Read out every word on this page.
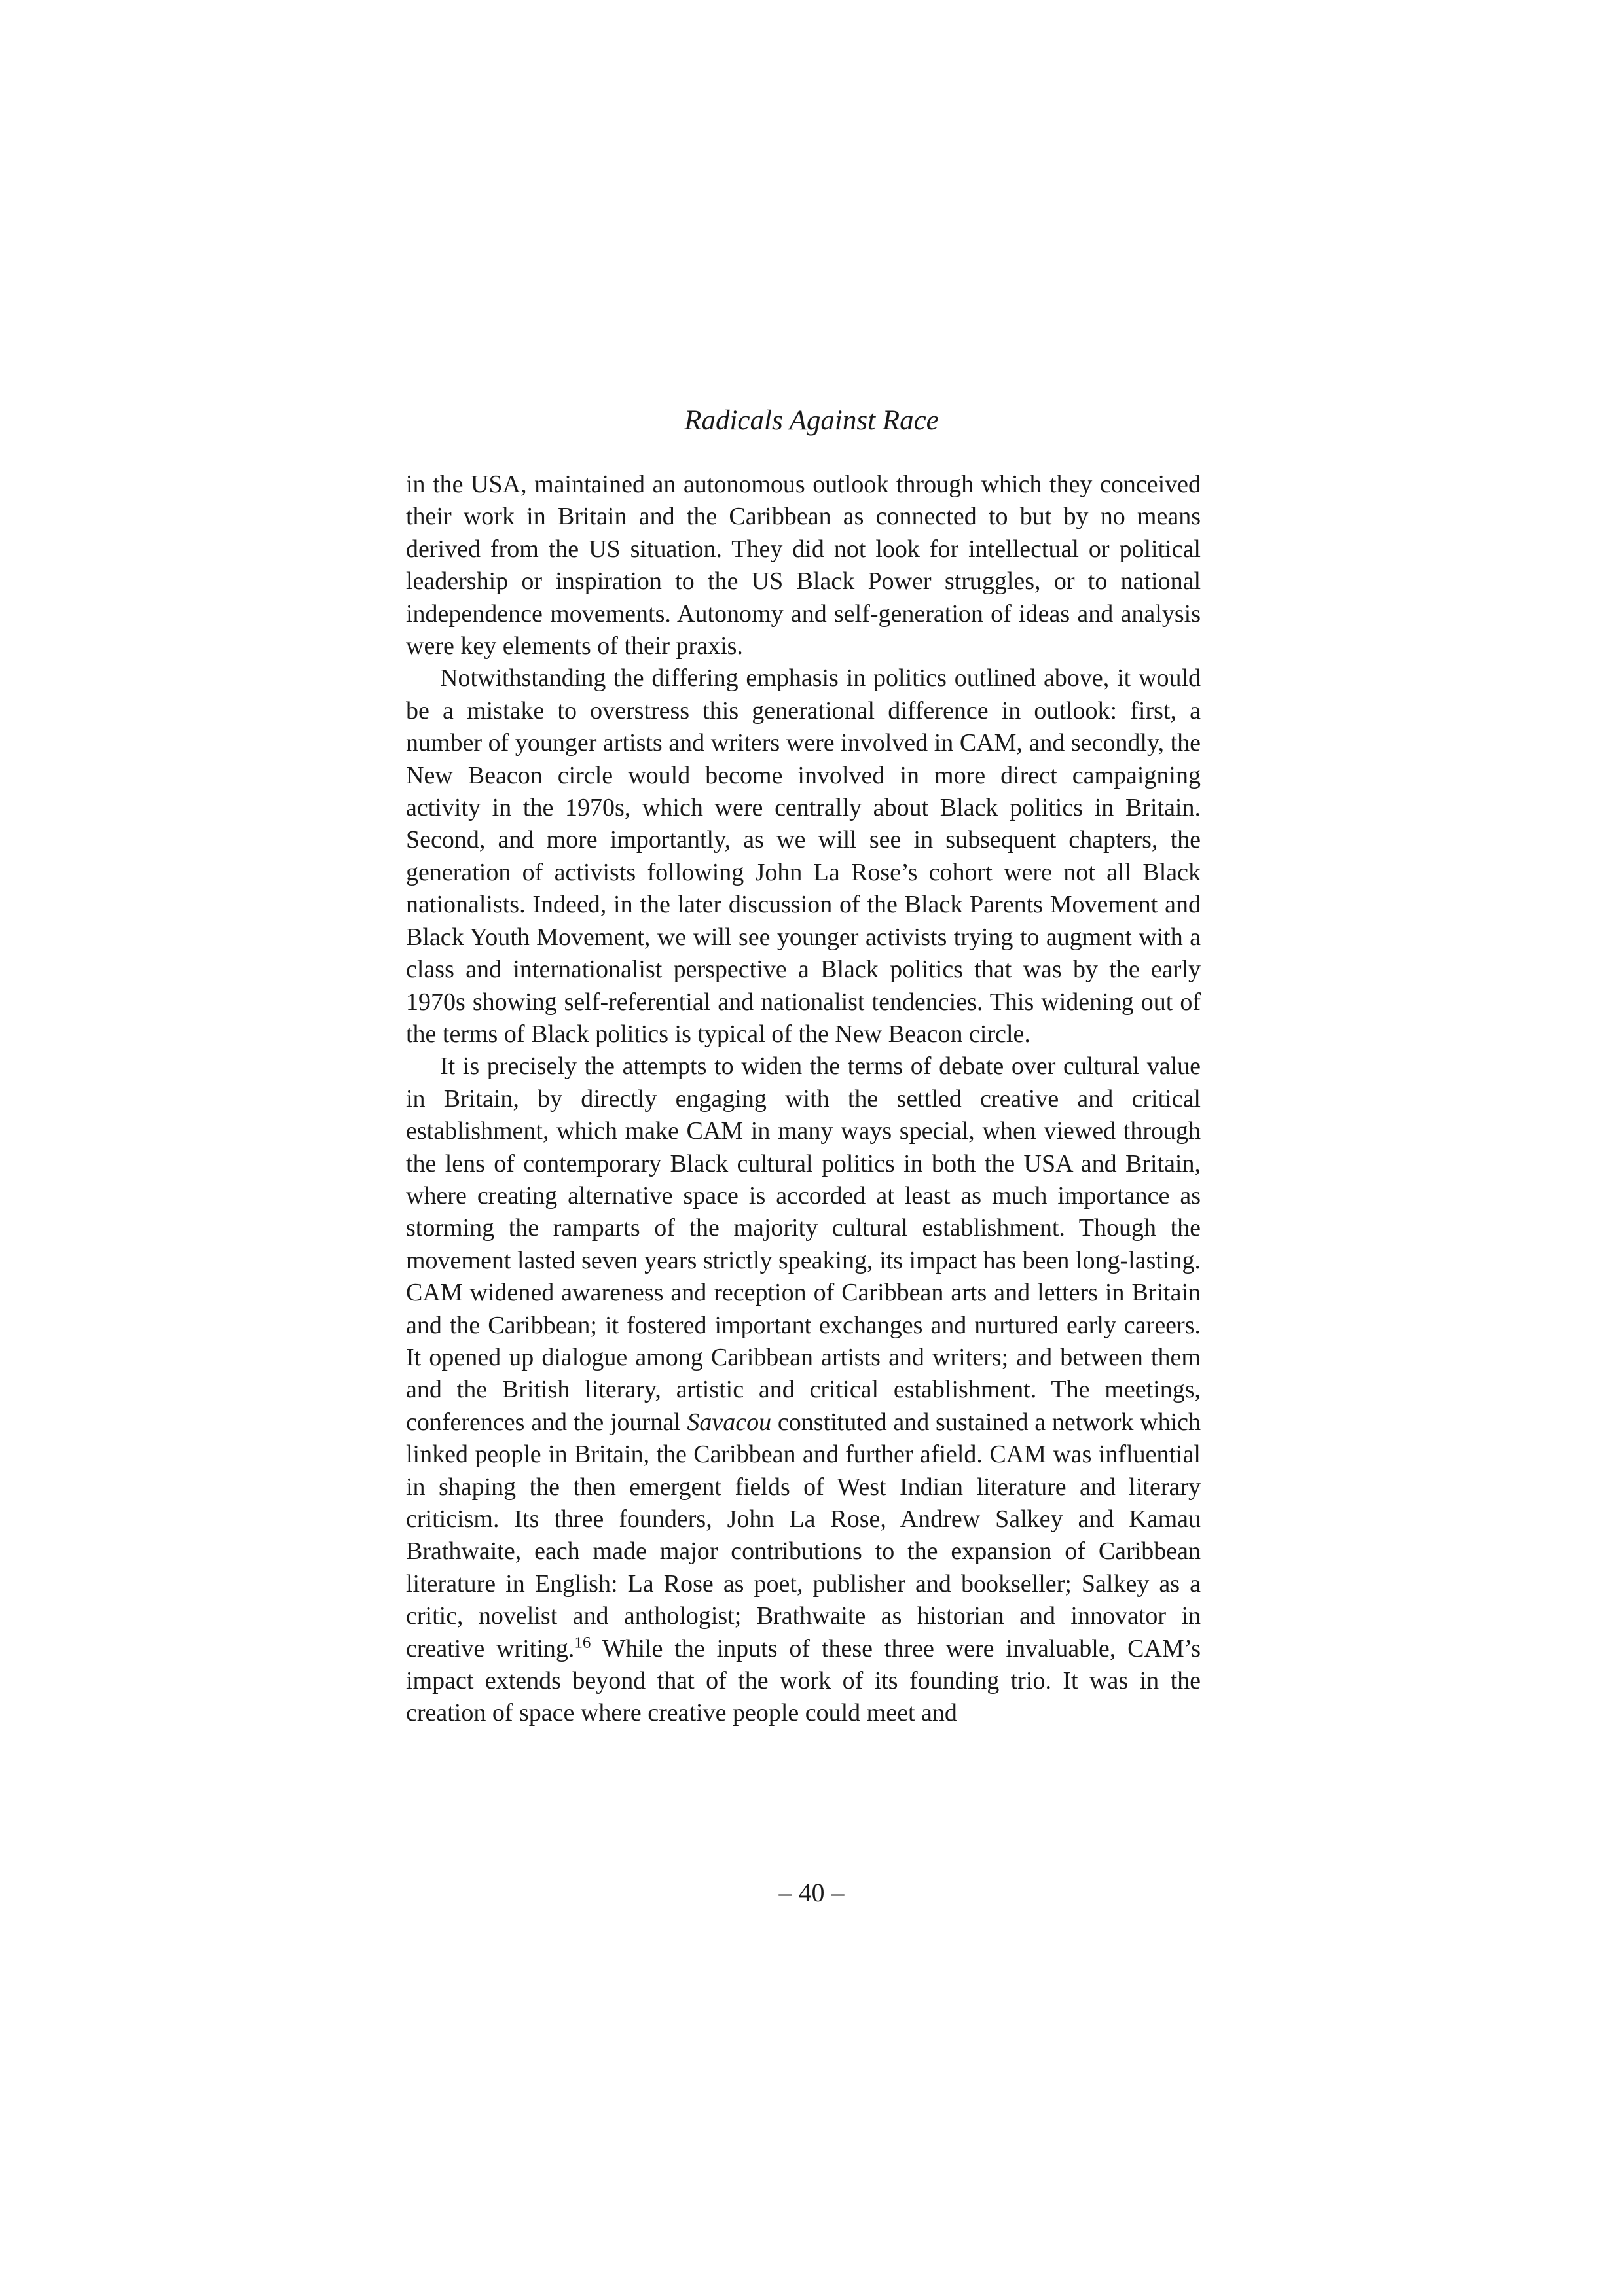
Radicals Against Race

in the USA, maintained an autonomous outlook through which they conceived their work in Britain and the Caribbean as connected to but by no means derived from the US situation. They did not look for intellectual or political leadership or inspiration to the US Black Power struggles, or to national independence movements. Autonomy and self-generation of ideas and analysis were key elements of their praxis.

Notwithstanding the differing emphasis in politics outlined above, it would be a mistake to overstress this generational difference in outlook: first, a number of younger artists and writers were involved in CAM, and secondly, the New Beacon circle would become involved in more direct campaigning activity in the 1970s, which were centrally about Black politics in Britain. Second, and more importantly, as we will see in subsequent chapters, the generation of activists following John La Rose’s cohort were not all Black nationalists. Indeed, in the later discussion of the Black Parents Movement and Black Youth Movement, we will see younger activists trying to augment with a class and internationalist perspective a Black politics that was by the early 1970s showing self-referential and nationalist tendencies. This widening out of the terms of Black politics is typical of the New Beacon circle.

It is precisely the attempts to widen the terms of debate over cultural value in Britain, by directly engaging with the settled creative and critical establishment, which make CAM in many ways special, when viewed through the lens of contemporary Black cultural politics in both the USA and Britain, where creating alternative space is accorded at least as much importance as storming the ramparts of the majority cultural establishment. Though the movement lasted seven years strictly speaking, its impact has been long-lasting. CAM widened awareness and reception of Caribbean arts and letters in Britain and the Caribbean; it fostered important exchanges and nurtured early careers. It opened up dialogue among Caribbean artists and writers; and between them and the British literary, artistic and critical establishment. The meetings, conferences and the journal Savacou constituted and sustained a network which linked people in Britain, the Caribbean and further afield. CAM was influential in shaping the then emergent fields of West Indian literature and literary criticism. Its three founders, John La Rose, Andrew Salkey and Kamau Brathwaite, each made major contributions to the expansion of Caribbean literature in English: La Rose as poet, publisher and bookseller; Salkey as a critic, novelist and anthologist; Brathwaite as historian and innovator in creative writing.$^{16}$ While the inputs of these three were invaluable, CAM’s impact extends beyond that of the work of its founding trio. It was in the creation of space where creative people could meet and

– 40 –
